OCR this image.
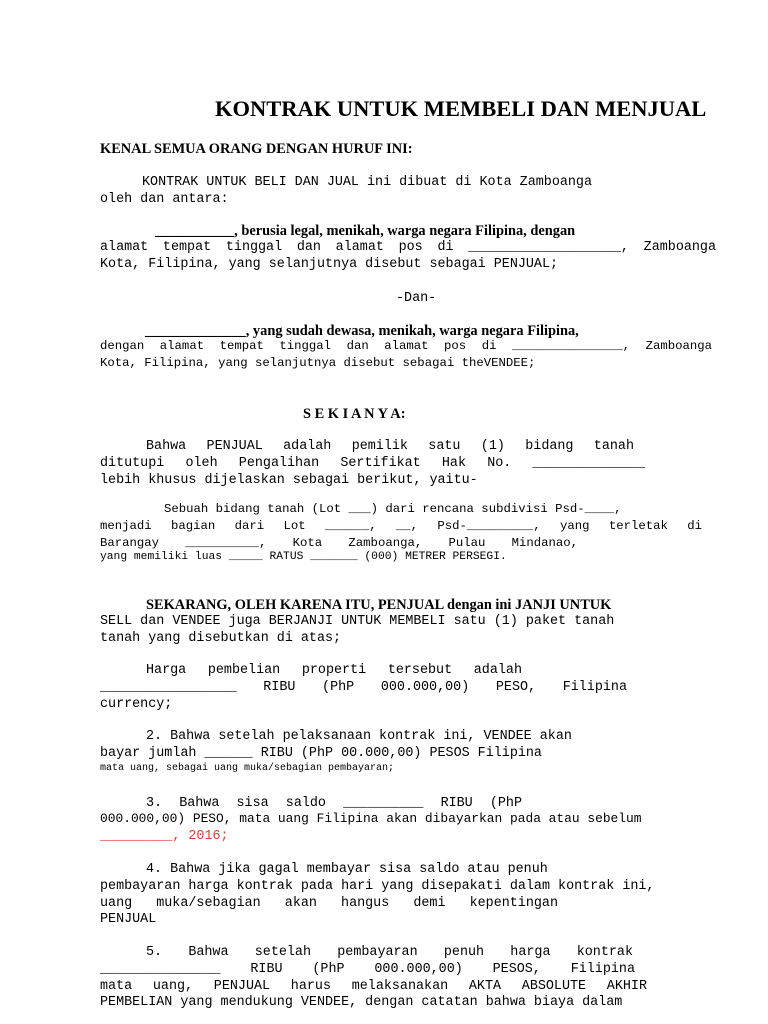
KONTRAK UNTUK MEMBELI DAN MENJUAL
KENAL SEMUA ORANG DENGAN HURUF INI:
KONTRAK UNTUK BELI DAN JUAL ini dibuat di Kota Zamboanga
oleh dan antara:
___________, berusia legal, menikah, warga negara Filipina, dengan
alamat tempat tinggal dan alamat pos di ___________________, Zamboanga
Kota, Filipina, yang selanjutnya disebut sebagai PENJUAL;
-Dan-
______________, yang sudah dewasa, menikah, warga negara Filipina,
dengan alamat tempat tinggal dan alamat pos di _______________, Zamboanga
Kota, Filipina, yang selanjutnya disebut sebagai theVENDEE;
S E K I A N Y A:
Bahwa PENJUAL adalah pemilik satu (1) bidang tanah
ditutupi oleh Pengalihan Sertifikat Hak No. ______________
lebih khusus dijelaskan sebagai berikut, yaitu-
Sebuah bidang tanah (Lot ___) dari rencana subdivisi Psd-____,
menjadi bagian dari Lot ______, __, Psd-_________, yang terletak di
Barangay __________, Kota Zamboanga, Pulau Mindanao,
yang memiliki luas _____ RATUS _______ (000) METRER PERSEGI.
SEKARANG, OLEH KARENA ITU, PENJUAL dengan ini JANJI UNTUK
SELL dan VENDEE juga BERJANJI UNTUK MEMBELI satu (1) paket tanah
tanah yang disebutkan di atas;
Harga pembelian properti tersebut adalah
_________________ RIBU (PhP 000.000,00) PESO, Filipina
currency;
2. Bahwa setelah pelaksanaan kontrak ini, VENDEE akan
bayar jumlah ______ RIBU (PhP 00.000,00) PESOS Filipina
mata uang, sebagai uang muka/sebagian pembayaran;
3. Bahwa sisa saldo __________ RIBU (PhP
000.000,00) PESO, mata uang Filipina akan dibayarkan pada atau sebelum
_________, 2016;
4. Bahwa jika gagal membayar sisa saldo atau penuh
pembayaran harga kontrak pada hari yang disepakati dalam kontrak ini,
uang muka/sebagian akan hangus demi kepentingan
PENJUAL
5. Bahwa setelah pembayaran penuh harga kontrak
_______________ RIBU (PhP 000.000,00) PESOS, Filipina
mata uang, PENJUAL harus melaksanakan AKTA ABSOLUTE AKHIR
PEMBELIAN yang mendukung VENDEE, dengan catatan bahwa biaya dalam
